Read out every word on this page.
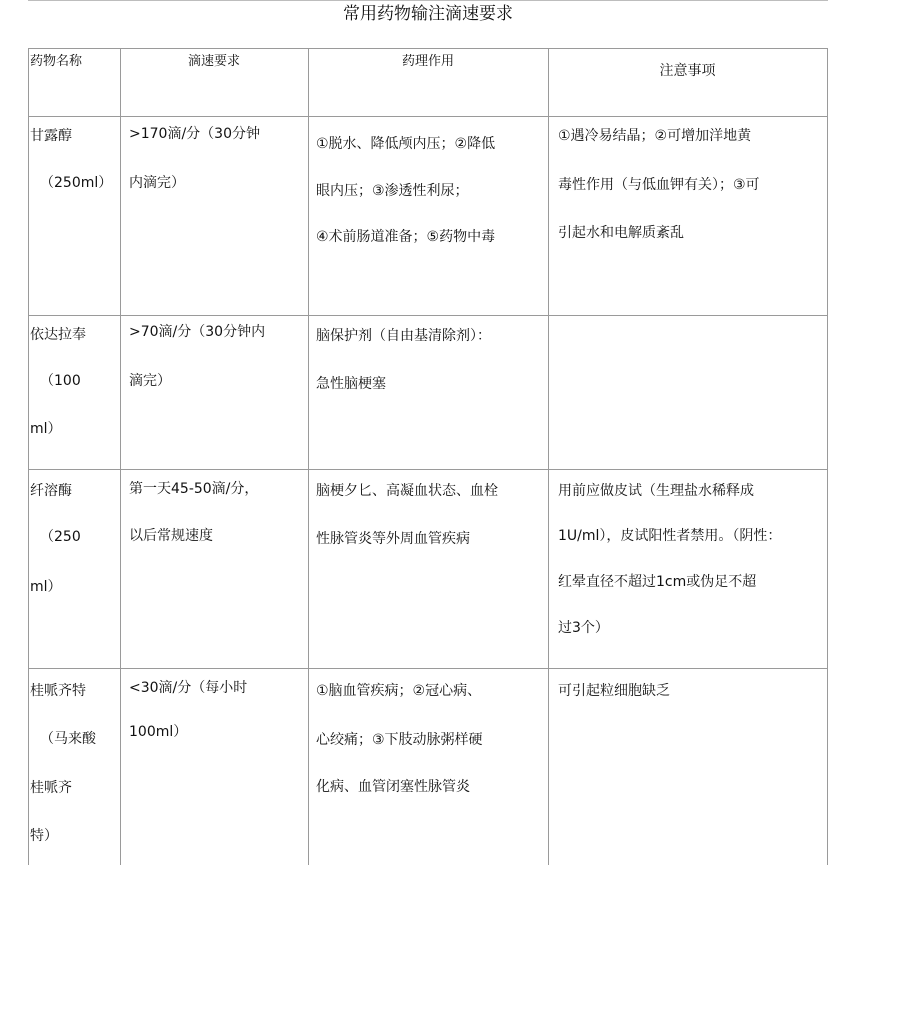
常用药物输注滴速要求
药物名称	滴速要求	药理作用
注意事项
甘露醇
（250ml）
>170滴/分（30分钟
内滴完）
①脱水、降低颅内压；②降低
眼内压；③渗透性利尿；
④术前肠道准备；⑤药物中毒
①遇冷易结晶；②可增加洋地黄
毒性作用（与低血钾有关）；③可
引起水和电解质紊乱
依达拉奉
（100
ml）
>70滴/分（30分钟内
滴完）
脑保护剂（自由基清除剂）：
急性脑梗塞
纤溶酶
（250
ml）
第一天45-50滴/分，
以后常规速度
脑梗夕匕、高凝血状态、血栓
性脉管炎等外周血管疾病
用前应做皮试（生理盐水稀释成
1U/ml），皮试阳性者禁用。（阴性：
红晕直径不超过1cm或伪足不超
过3个）
桂哌齐特
（马来酸
桂哌齐
特）
<30滴/分（每小时
100ml）
①脑血管疾病；②冠心病、
心绞痛；③下肢动脉粥样硬
化病、血管闭塞性脉管炎
可引起粒细胞缺乏
